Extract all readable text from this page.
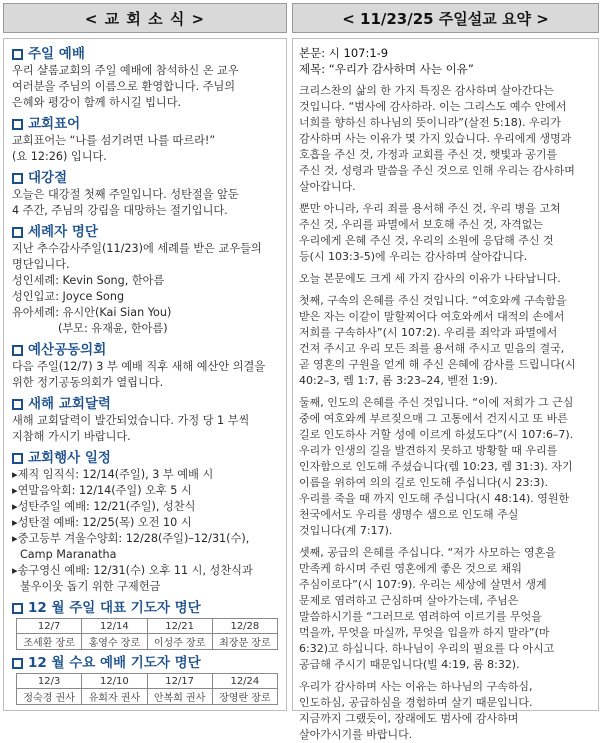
< 교 회 소 식 >	< 11/23/25 주일설교 요약 >
주일 예배
우리 샬롬교회의 주일 예배에 참석하신 온 교우
여러분을 주님의 이름으로 환영합니다. 주님의
은혜와 평강이 함께 하시길 빕니다.
교회표어
교회표어는 “나를 섬기려면 나를 따르라!”
(요 12:26) 입니다.
대강절
오늘은 대강절 첫째 주일입니다. 성탄절을 앞둔
4 주간, 주님의 강림을 대망하는 절기입니다.
세례자 명단
지난 추수감사주일(11/23)에 세례를 받은 교우들의
명단입니다.
성인세례: Kevin Song, 한아름
성인입교: Joyce Song
유아세례: 유시안(Kai Sian You)
(부모: 유재윤, 한아름)
예산공동의회
다음 주일(12/7) 3 부 예배 직후 새해 예산안 의결을
위한 정기공동의회가 열립니다.
새해 교회달력
새해 교회달력이 발간되었습니다. 가정 당 1 부씩
지참해 가시기 바랍니다.
교회행사 일정
▸제직 임직식: 12/14(주일), 3 부 예배 시
▸연말음악회: 12/14(주일) 오후 5 시
▸성탄주일 예배: 12/21(주일), 성찬식
▸성탄절 예배: 12/25(목) 오전 10 시
▸중고등부 겨울수양회: 12/28(주일)–12/31(수),
Camp Maranatha
▸송구영신 예배: 12/31(수) 오후 11 시, 성찬식과
불우이웃 돕기 위한 구제헌금
12 월 주일 대표 기도자 명단
12/7	12/14	12/21	12/28
조세환 장로	홍영수 장로	이성주 장로	최장문 장로
12 월 수요 예배 기도자 명단
12/3	12/10	12/17	12/24
정숙경 권사	유회자 권사	안복희 권사	장영란 장로
본문: 시 107:1-9
제목: “우리가 감사하며 사는 이유”
크리스찬의 삶의 한 가지 특징은 감사하며 살아간다는
것입니다. “범사에 감사하라. 이는 그리스도 예수 안에서
너희를 향하신 하나님의 뜻이니라”(살전 5:18). 우리가
감사하며 사는 이유가 몇 가지 있습니다. 우리에게 생명과
호흡을 주신 것, 가정과 교회를 주신 것, 햇빛과 공기를
주신 것, 성령과 말씀을 주신 것으로 인해 우리는 감사하며
살아갑니다.
뿐만 아니라, 우리 죄를 용서해 주신 것, 우리 병을 고쳐
주신 것, 우리를 파멸에서 보호해 주신 것, 자격없는
우리에게 은혜 주신 것, 우리의 소원에 응답해 주신 것
등(시 103:3-5)에 우리는 감사하며 살아갑니다.
오늘 본문에도 크게 세 가지 감사의 이유가 나타납니다.
첫째, 구속의 은혜를 주신 것입니다. “여호와께 구속함을
받은 자는 이같이 말할찌어다 여호와께서 대적의 손에서
저희를 구속하사”(시 107:2). 우리를 죄악과 파멸에서
건져 주시고 우리 모든 죄를 용서해 주시고 믿음의 결국,
곧 영혼의 구원을 얻게 해 주신 은혜에 감사를 드립니다(시
40:2–3, 렘 1:7, 롬 3:23–24, 벧전 1:9).
둘째, 인도의 은혜를 주신 것입니다. “이에 저희가 그 근심
중에 여호와께 부르짖으매 그 고통에서 건지시고 또 바른
길로 인도하사 거할 성에 이르게 하셨도다”(시 107:6–7).
우리가 인생의 길을 발견하지 못하고 방황할 때 우리를
인자함으로 인도해 주셨습니다(렘 10:23, 렘 31:3). 자기
이름을 위하여 의의 길로 인도해 주십니다(시 23:3).
우리를 죽을 때 까지 인도해 주십니다(시 48:14). 영원한
천국에서도 우리를 생명수 샘으로 인도해 주실
것입니다(계 7:17).
셋째, 공급의 은혜를 주십니다. “저가 사모하는 영혼을
만족케 하시며 주린 영혼에게 좋은 것으로 채워
주심이로다”(시 107:9). 우리는 세상에 살면서 생계
문제로 염려하고 근심하며 살아가는데, 주님은
말씀하시기를 “그러므로 염려하여 이르기를 무엇을
먹을까, 무엇을 마실까, 무엇을 입을까 하지 말라”(마
6:32)고 하십니다. 하나님이 우리의 필요를 다 아시고
공급해 주시기 때문입니다(빌 4:19, 롬 8:32).
우리가 감사하며 사는 이유는 하나님의 구속하심,
인도하심, 공급하심을 경험하며 살기 때문입니다.
지금까지 그랬듯이, 장래에도 범사에 감사하며
살아가시기를 바랍니다.
